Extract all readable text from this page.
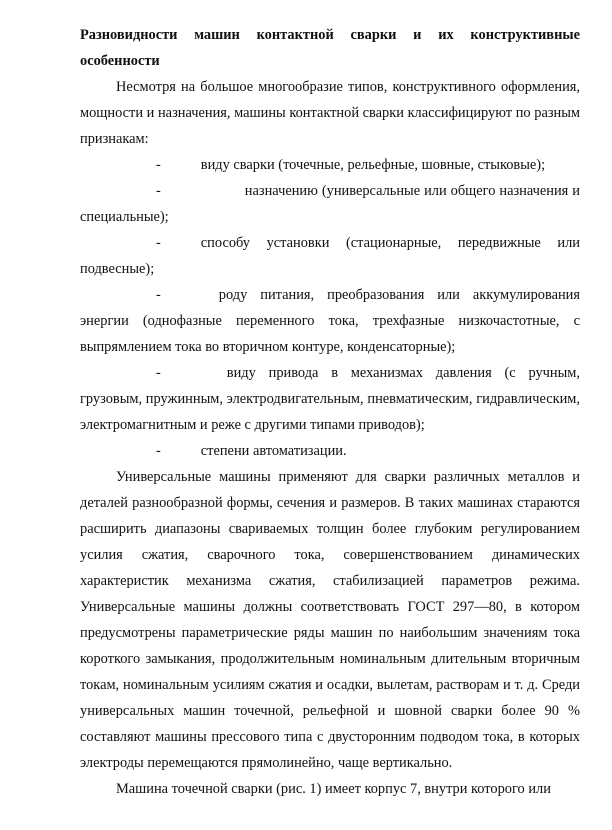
Разновидности машин контактной сварки и их конструктивные особенности

Несмотря на большое многообразие типов, конструктивного оформления, мощности и назначения, машины контактной сварки классифицируют по разным признакам:

-	виду сварки (точечные, рельефные, шовные, стыковые);

-	назначению (универсальные или общего назначения и специальные);

-	способу установки (стационарные, передвижные или подвесные);

-	роду питания, преобразования или аккумулирования энергии (однофазные переменного тока, трехфазные низкочастотные, с выпрямлением тока во вторичном контуре, конденсаторные);

-	виду привода в механизмах давления (с ручным, грузовым, пружинным, электродвигательным, пневматическим, гидравлическим, электромагнитным и реже с другими типами приводов);

-	степени автоматизации.

Универсальные машины применяют для сварки различных металлов и деталей разнообразной формы, сечения и размеров. В таких машинах стараются расширить диапазоны свариваемых толщин более глубоким регулированием усилия сжатия, сварочного тока, совершенствованием динамических характеристик механизма сжатия, стабилизацией параметров режима. Универсальные машины должны соответствовать ГОСТ 297—80, в котором предусмотрены параметрические ряды машин по наибольшим значениям тока короткого замыкания, продолжительным номинальным длительным вторичным токам, номинальным усилиям сжатия и осадки, вылетам, растворам и т. д. Среди универсальных машин точечной, рельефной и шовной сварки более 90 % составляют машины прессового типа с двусторонним подводом тока, в которых электроды перемещаются прямолинейно, чаще вертикально.

Машина точечной сварки (рис. 1) имеет корпус 7, внутри которого или
